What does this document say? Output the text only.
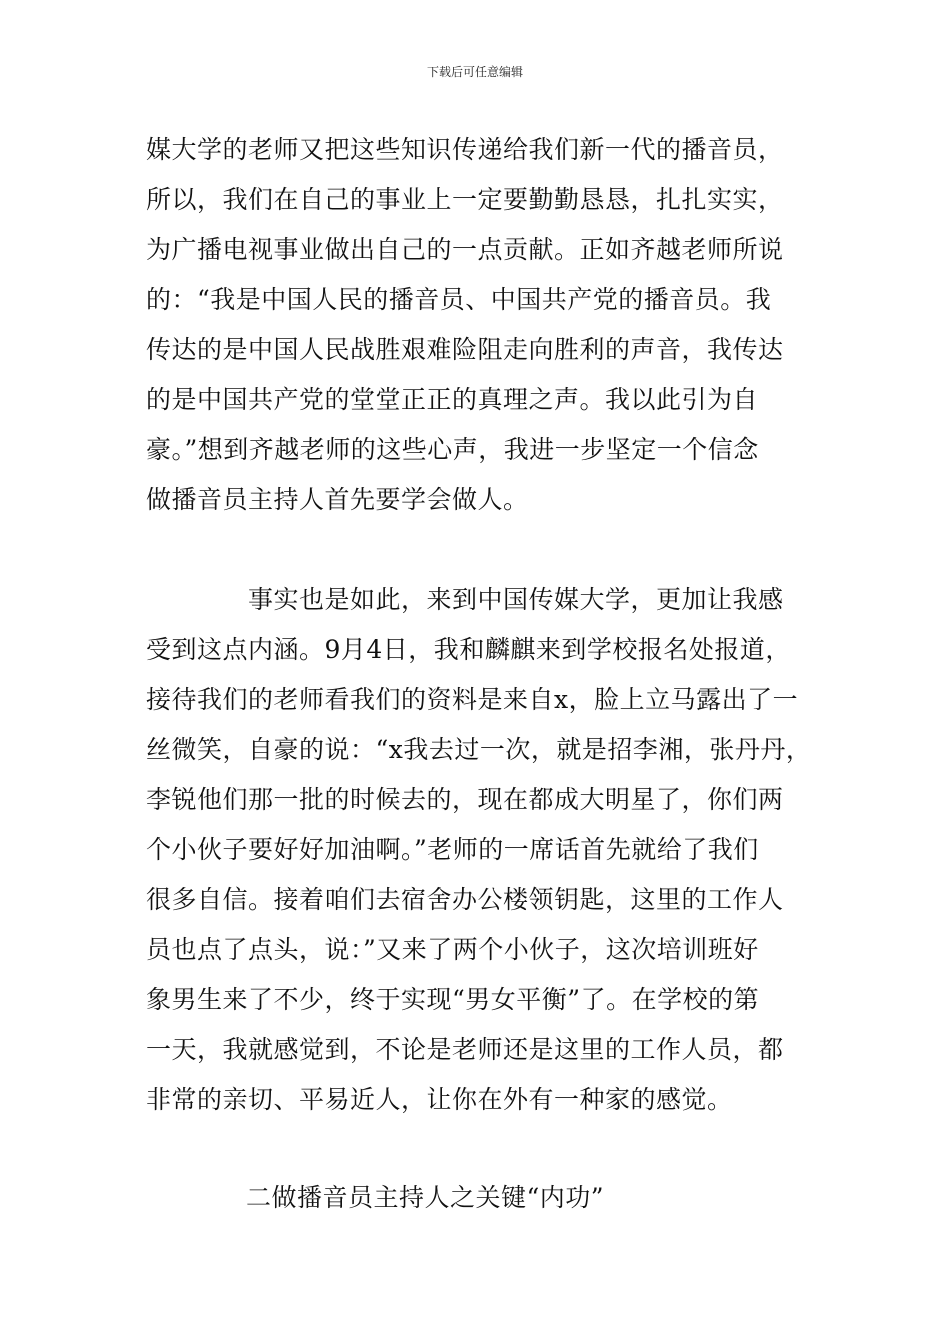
下载后可任意编辑
媒大学的老师又把这些知识传递给我们新一代的播音员，
所以，我们在自己的事业上一定要勤勤恳恳，扎扎实实，
为广播电视事业做出自己的一点贡献。正如齐越老师所说
的：“我是中国人民的播音员、中国共产党的播音员。我
传达的是中国人民战胜艰难险阻走向胜利的声音，我传达
的是中国共产党的堂堂正正的真理之声。我以此引为自
豪。”想到齐越老师的这些心声，我进一步坚定一个信念
做播音员主持人首先要学会做人。
事实也是如此，来到中国传媒大学，更加让我感
受到这点内涵。9月4日，我和麟麒来到学校报名处报道，
接待我们的老师看我们的资料是来自x，脸上立马露出了一
丝微笑，自豪的说：“x我去过一次，就是招李湘，张丹丹，
李锐他们那一批的时候去的，现在都成大明星了，你们两
个小伙子要好好加油啊。”老师的一席话首先就给了我们
很多自信。接着咱们去宿舍办公楼领钥匙，这里的工作人
员也点了点头，说：”又来了两个小伙子，这次培训班好
象男生来了不少，终于实现“男女平衡”了。在学校的第
一天，我就感觉到，不论是老师还是这里的工作人员，都
非常的亲切、平易近人，让你在外有一种家的感觉。
二做播音员主持人之关键“内功”
